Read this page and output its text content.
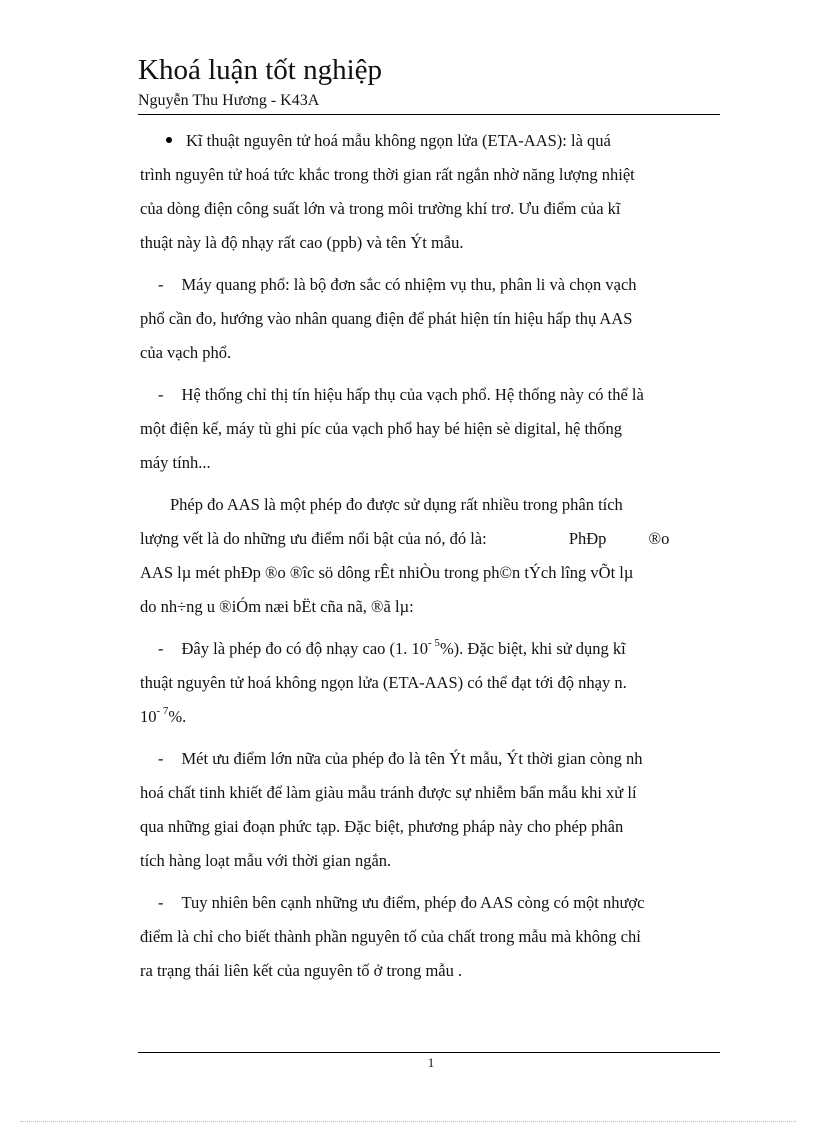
Khoá luận tốt nghiệp
Nguyễn Thu Hương - K43A
Kĩ thuật nguyên tử hoá mẫu không ngọn lửa (ETA-AAS): là quá
trình nguyên tử hoá tức khắc trong thời gian rất ngắn nhờ năng lượng nhiệt
của dòng điện công suất lớn và trong môi trường khí trơ. Ưu điểm của kĩ
thuật này là độ nhạy rất cao (ppb) và tên Ýt mẫu.
- Máy quang phổ: là bộ đơn sắc có nhiệm vụ thu, phân li và chọn vạch
phổ cần đo, hướng vào nhân quang điện để phát hiện tín hiệu hấp thụ AAS
của vạch phổ.
- Hệ thống chỉ thị tín hiệu hấp thụ của vạch phổ. Hệ thống này có thể là
một điện kế, máy tù ghi píc của vạch phổ hay bé hiện sè digital, hệ thống
máy tính...
Phép đo AAS là một phép đo được sử dụng rất nhiều trong phân tích
lượng vết là do những ưu điểm nổi bật của nó, đó là:	PhÐp	®o
AAS lµ mét phÐp ®o ®îc sö dông rÊt nhiÒu trong ph©n tÝch lîng vÕt lµ
do nh÷ng u ®iÓm næi bËt cña nã, ®ã lµ:
- Đây là phép đo có độ nhạy cao (1. $10^{- 5}\%$). Đặc biệt, khi sử dụng kĩ
thuật nguyên tử hoá không ngọn lửa (ETA-AAS) có thể đạt tới độ nhạy n.
$10^{- 7}\%$.
- Mét ưu điểm lớn nữa của phép đo là tên Ýt mẫu, Ýt thời gian còng nh
hoá chất tinh khiết để làm giàu mẫu tránh được sự nhiễm bẩn mẫu khi xử lí
qua những giai đoạn phức tạp. Đặc biệt, phương pháp này cho phép phân
tích hàng loạt mẫu với thời gian ngắn.
- Tuy nhiên bên cạnh những ưu điểm, phép đo AAS còng có một nhược
điểm là chỉ cho biết thành phần nguyên tố của chất trong mẫu mà không chỉ
ra trạng thái liên kết của nguyên tố ở trong mẫu .
1
